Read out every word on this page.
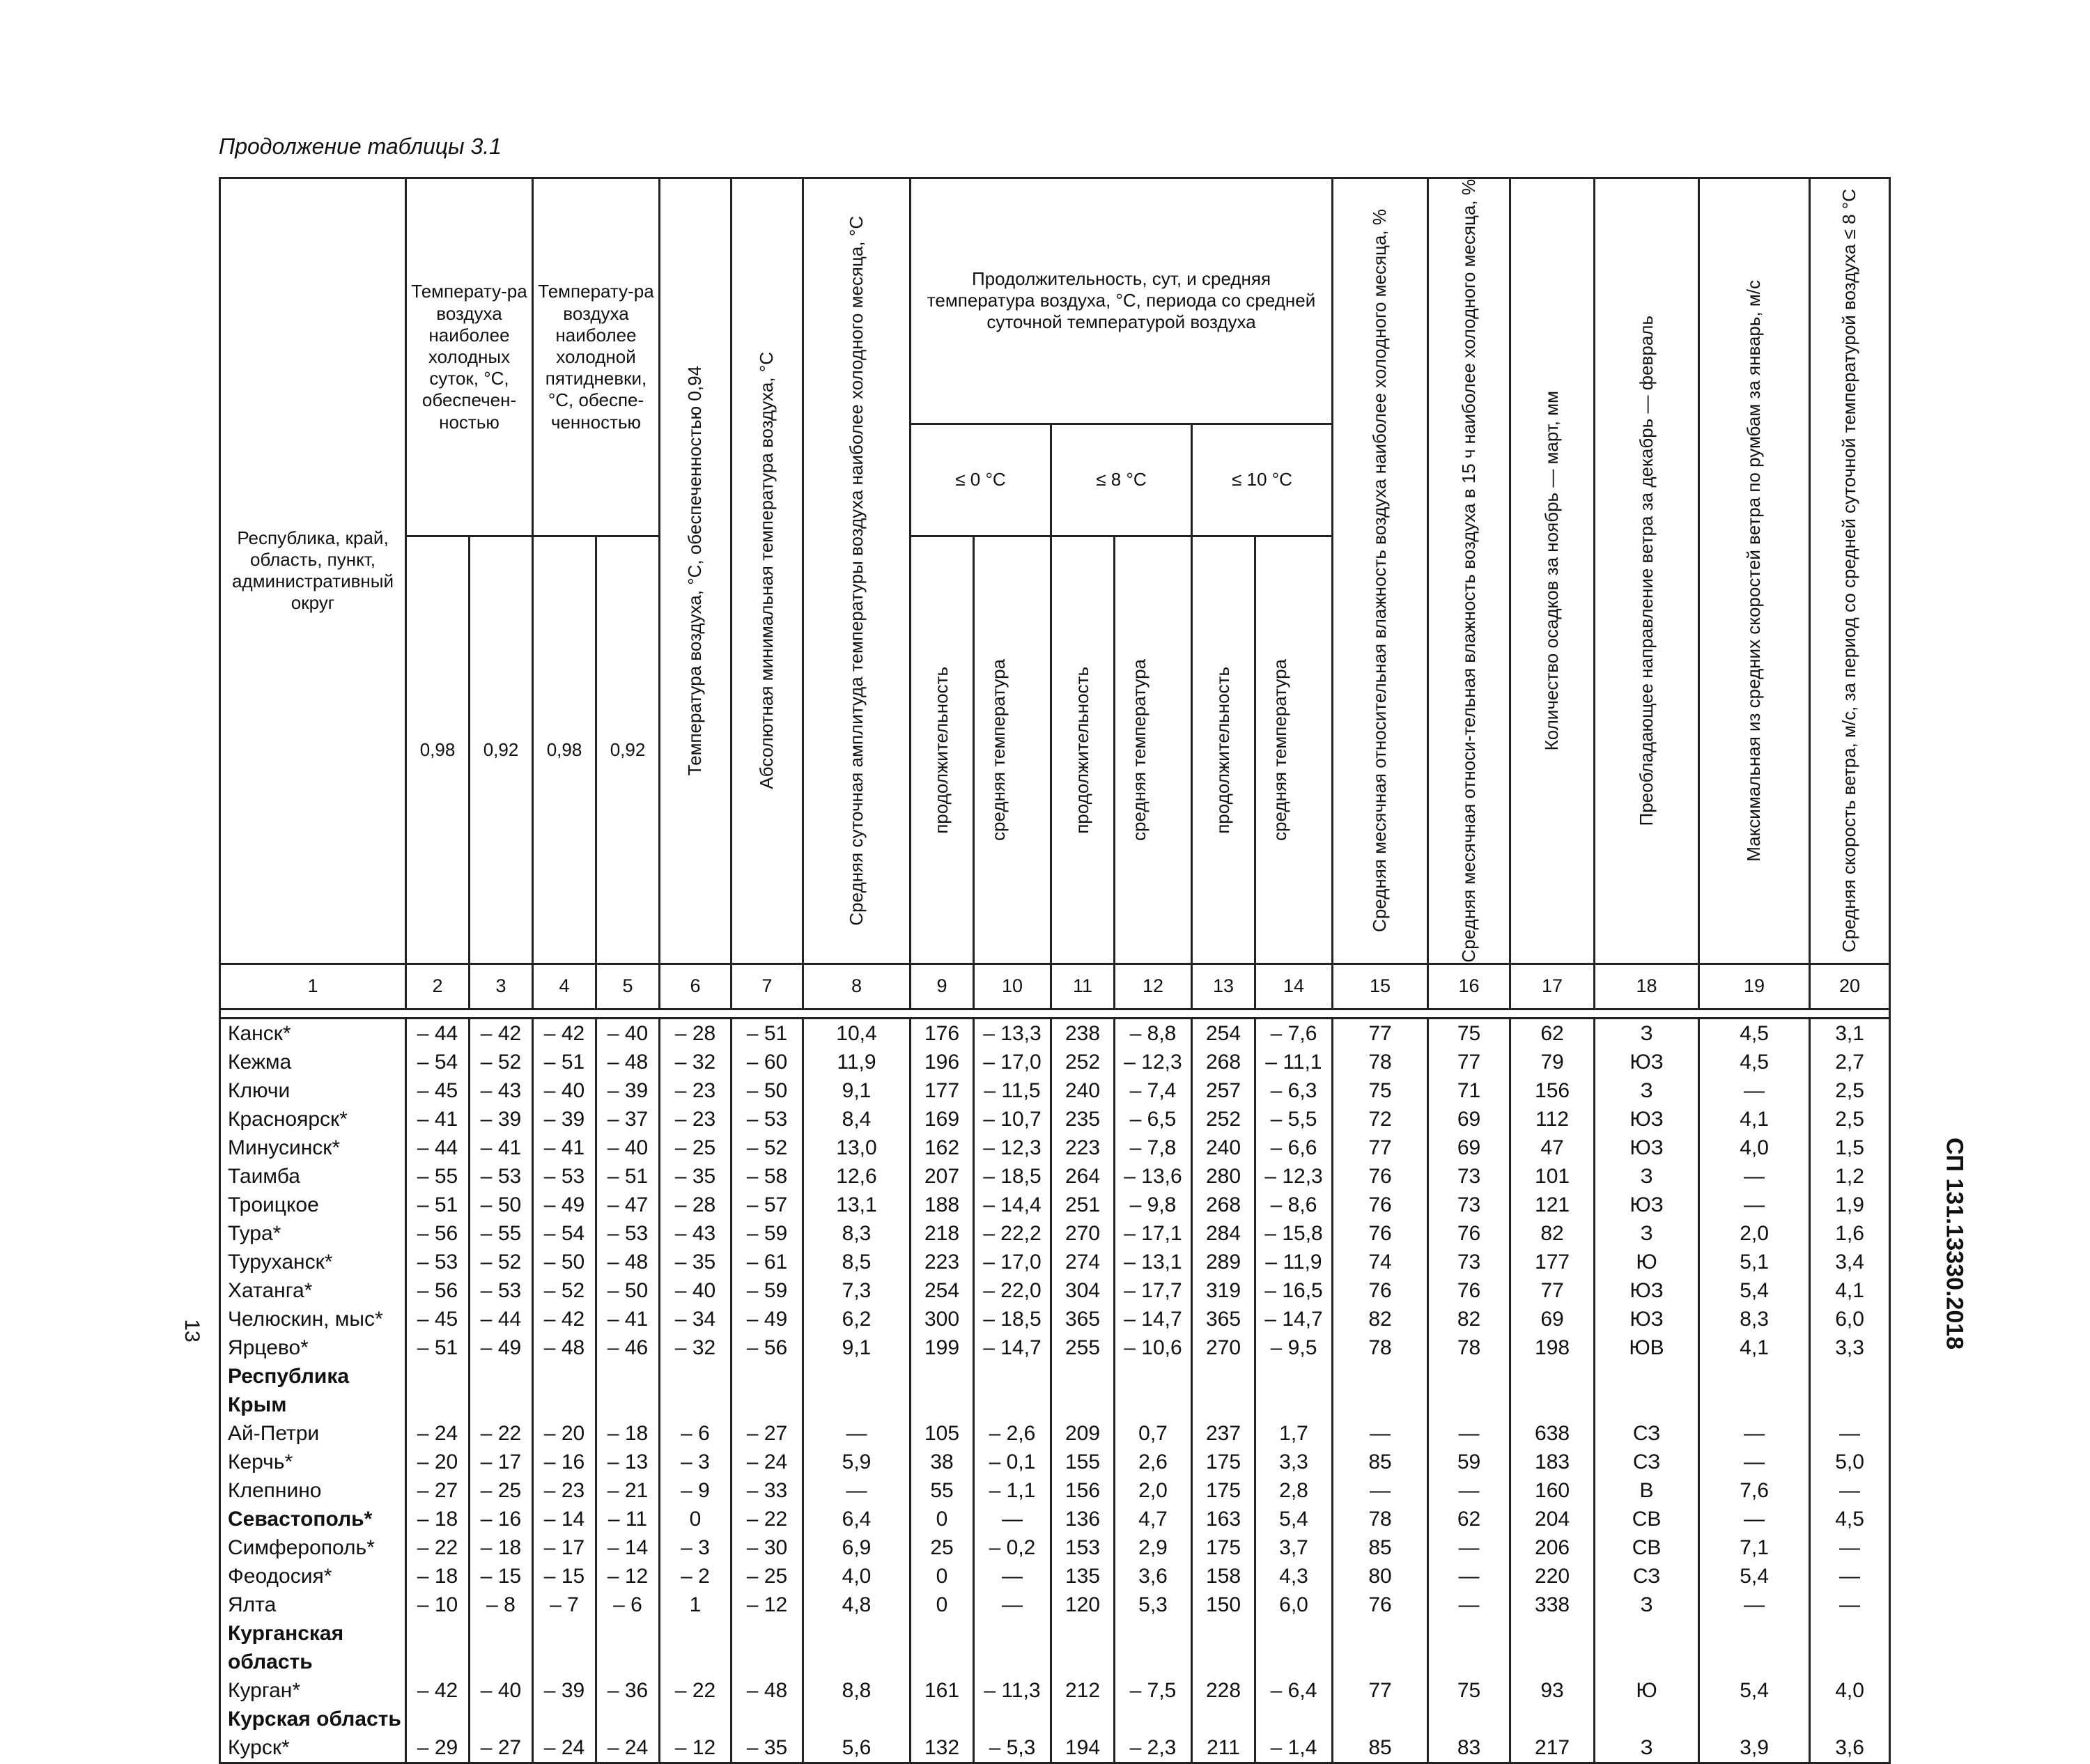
Продолжение таблицы 3.1
Республика, край, область, пункт, административный округ	Температу-ра воздуха наиболее холодных суток, °С, обеспечен-ностью		Температу-ра воздуха наиболее холодной пятидневки, °С, обеспе-ченностью		Температура воздуха, °С, обеспеченностью 0,94	Абсолютная минимальная температура воздуха, °С	Средняя суточная амплитуда температуры воздуха наиболее холодного месяца, °С	Продолжительность, сут, и средняя температура воздуха, °С, периода со средней суточной температурой воздуха						Средняя месячная относительная влажность воздуха наиболее холодного месяца, %	Средняя месячная относи-тельная влажность воздуха в 15 ч наиболее холодного месяца, %	Количество осадков за ноябрь — март, мм	Преобладающее направление ветра за декабрь — февраль	Максимальная из средних скоростей ветра по румбам за январь, м/с	Средняя скорость ветра, м/с, за период со средней суточной температурой воздуха ≤ 8 °С

								≤ 0 °С		≤ 8 °С		≤ 10 °С							
	0,98	0,92	0,98	0,92				продолжительность	средняя температура	продолжительность	средняя температура	продолжительность	средняя температура						

1	2	3	4	5	6	7	8	9	10	11	12	13	14	15	16	17	18	19	20

Канск*	– 44	– 42	– 42	– 40	– 28	– 51	10,4	176	– 13,3	238	– 8,8	254	– 7,6	77	75	62	З	4,5	3,1
Кежма	– 54	– 52	– 51	– 48	– 32	– 60	11,9	196	– 17,0	252	– 12,3	268	– 11,1	78	77	79	ЮЗ	4,5	2,7
Ключи	– 45	– 43	– 40	– 39	– 23	– 50	9,1	177	– 11,5	240	– 7,4	257	– 6,3	75	71	156	З	—	2,5
Красноярск*	– 41	– 39	– 39	– 37	– 23	– 53	8,4	169	– 10,7	235	– 6,5	252	– 5,5	72	69	112	ЮЗ	4,1	2,5
Минусинск*	– 44	– 41	– 41	– 40	– 25	– 52	13,0	162	– 12,3	223	– 7,8	240	– 6,6	77	69	47	ЮЗ	4,0	1,5
Таимба	– 55	– 53	– 53	– 51	– 35	– 58	12,6	207	– 18,5	264	– 13,6	280	– 12,3	76	73	101	З	—	1,2
Троицкое	– 51	– 50	– 49	– 47	– 28	– 57	13,1	188	– 14,4	251	– 9,8	268	– 8,6	76	73	121	ЮЗ	—	1,9
Тура*	– 56	– 55	– 54	– 53	– 43	– 59	8,3	218	– 22,2	270	– 17,1	284	– 15,8	76	76	82	З	2,0	1,6
Туруханск*	– 53	– 52	– 50	– 48	– 35	– 61	8,5	223	– 17,0	274	– 13,1	289	– 11,9	74	73	177	Ю	5,1	3,4
Хатанга*	– 56	– 53	– 52	– 50	– 40	– 59	7,3	254	– 22,0	304	– 17,7	319	– 16,5	76	76	77	ЮЗ	5,4	4,1
Челюскин, мыс*	– 45	– 44	– 42	– 41	– 34	– 49	6,2	300	– 18,5	365	– 14,7	365	– 14,7	82	82	69	ЮЗ	8,3	6,0
Ярцево*	– 51	– 49	– 48	– 46	– 32	– 56	9,1	199	– 14,7	255	– 10,6	270	– 9,5	78	78	198	ЮВ	4,1	3,3
Республика																			
Крым																			
Ай-Петри	– 24	– 22	– 20	– 18	– 6	– 27	—	105	– 2,6	209	0,7	237	1,7	—	—	638	СЗ	—	—
Керчь*	– 20	– 17	– 16	– 13	– 3	– 24	5,9	38	– 0,1	155	2,6	175	3,3	85	59	183	СЗ	—	5,0
Клепнино	– 27	– 25	– 23	– 21	– 9	– 33	—	55	– 1,1	156	2,0	175	2,8	—	—	160	В	7,6	—
Севастополь*	– 18	– 16	– 14	– 11	0	– 22	6,4	0	—	136	4,7	163	5,4	78	62	204	СВ	—	4,5
Симферополь*	– 22	– 18	– 17	– 14	– 3	– 30	6,9	25	– 0,2	153	2,9	175	3,7	85	—	206	СВ	7,1	—
Феодосия*	– 18	– 15	– 15	– 12	– 2	– 25	4,0	0	—	135	3,6	158	4,3	80	—	220	СЗ	5,4	—
Ялта	– 10	– 8	– 7	– 6	1	– 12	4,8	0	—	120	5,3	150	6,0	76	—	338	З	—	—
Курганская																			
область																			
Курган*	– 42	– 40	– 39	– 36	– 22	– 48	8,8	161	– 11,3	212	– 7,5	228	– 6,4	77	75	93	Ю	5,4	4,0
Курская область																			
Курск*	– 29	– 27	– 24	– 24	– 12	– 35	5,6	132	– 5,3	194	– 2,3	211	– 1,4	85	83	217	З	3,9	3,6
СП 131.13330.2018
13
